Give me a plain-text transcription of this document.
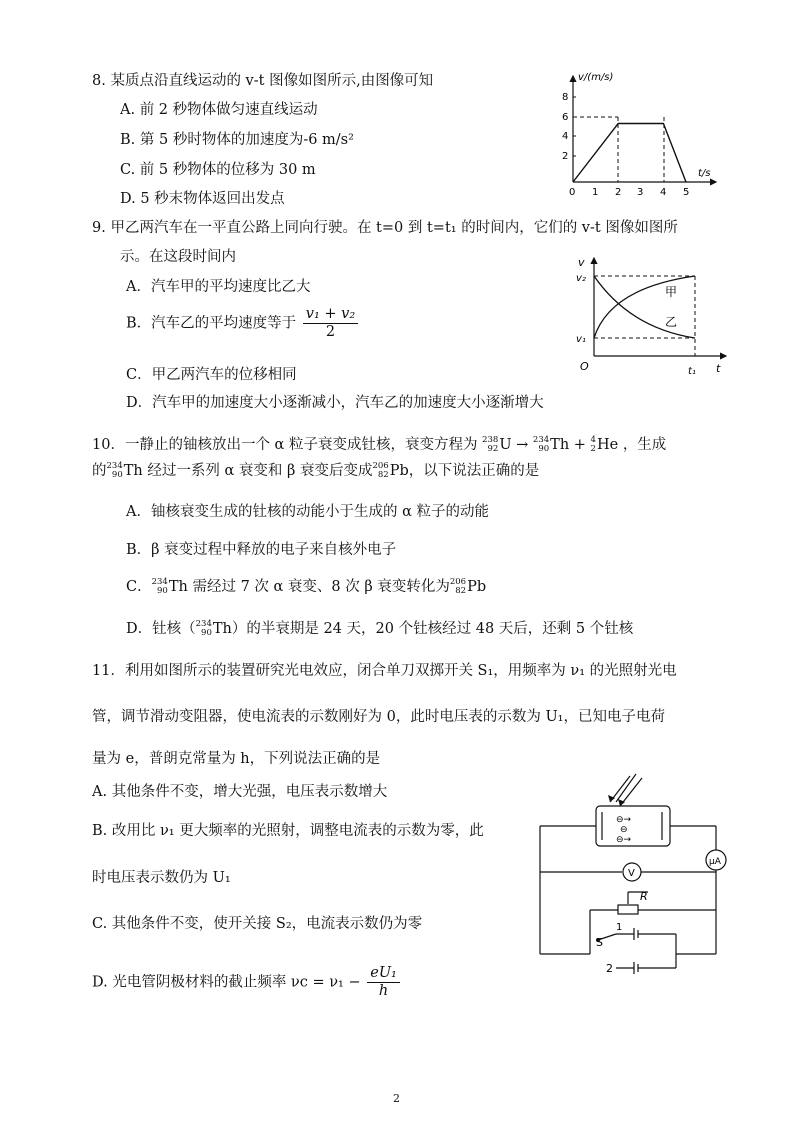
8. 某质点沿直线运动的 v-t 图像如图所示,由图像可知
A. 前 2 秒物体做匀速直线运动
B. 第 5 秒时物体的加速度为-6 m/s²
C. 前 5 秒物体的位移为 30 m
D. 5 秒末物体返回出发点
v/(m/s)
t/s
8
6
4
2
0 1 2 3 4 5
9. 甲乙两汽车在一平直公路上同向行驶。在 t=0 到 t=t₁ 的时间内，它们的 v-t 图像如图所
示。在这段时间内
A．汽车甲的平均速度比乙大
B．汽车乙的平均速度等于 $\frac{\text{v₁ + v₂}}{2}$
C．甲乙两汽车的位移相同
D．汽车甲的加速度大小逐渐减小，汽车乙的加速度大小逐渐增大
v
v₂
v₁
O	t₁ t
甲
乙
10．一静止的铀核放出一个 α 粒子衰变成钍核，衰变方程为 238
92 U → 234
90 Th + 4
2 He ，生成
的 234
90 Th 经过一系列 α 衰变和 β 衰变后变成 206
82 Pb，以下说法正确的是
A．铀核衰变生成的钍核的动能小于生成的 α 粒子的动能
B．β 衰变过程中释放的电子来自核外电子
C． 234
90 Th 需经过 7 次 α 衰变、8 次 β 衰变转化为 206
82 Pb
D．钍核（ 234
90 Th）的半衰期是 24 天，20 个钍核经过 48 天后，还剩 5 个钍核
11．利用如图所示的装置研究光电效应，闭合单刀双掷开关 S₁，用频率为 ν₁ 的光照射光电
管，调节滑动变阻器，使电流表的示数刚好为 0，此时电压表的示数为 U₁，已知电子电荷
量为 e，普朗克常量为 h，下列说法正确的是
A. 其他条件不变，增大光强，电压表示数增大
B. 改用比 ν₁ 更大频率的光照射，调整电流表的示数为零，此
时电压表示数仍为 U₁
C. 其他条件不变，使开关接 S₂，电流表示数仍为零
D. 光电管阴极材料的截止频率 $\nu c = \nu_1 - \frac{\text{eU₁}}{h}$
⊖→
⊖
⊖→
μA
V
R
S
1
2
2
